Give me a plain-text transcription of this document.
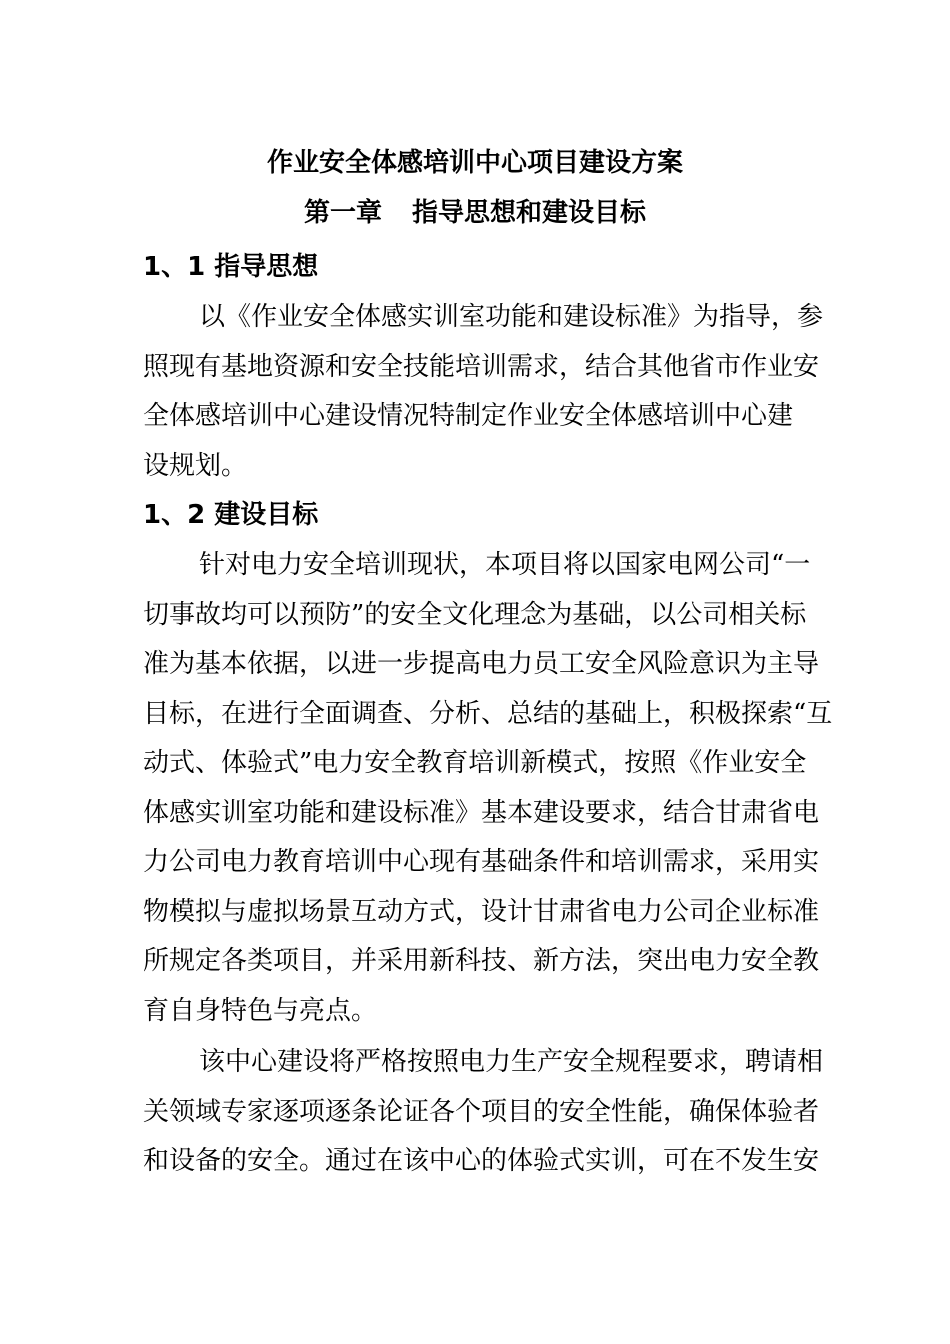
作业安全体感培训中心项目建设方案
第一章 指导思想和建设目标
1、1 指导思想
以《作业安全体感实训室功能和建设标准》为指导，参
照现有基地资源和安全技能培训需求，结合其他省市作业安
全体感培训中心建设情况特制定作业安全体感培训中心建
设规划。
1、2 建设目标
针对电力安全培训现状，本项目将以国家电网公司“一
切事故均可以预防”的安全文化理念为基础，以公司相关标
准为基本依据，以进一步提高电力员工安全风险意识为主导
目标，在进行全面调查、分析、总结的基础上，积极探索“互
动式、体验式”电力安全教育培训新模式，按照《作业安全
体感实训室功能和建设标准》基本建设要求，结合甘肃省电
力公司电力教育培训中心现有基础条件和培训需求，采用实
物模拟与虚拟场景互动方式，设计甘肃省电力公司企业标准
所规定各类项目，并采用新科技、新方法，突出电力安全教
育自身特色与亮点。
该中心建设将严格按照电力生产安全规程要求，聘请相
关领域专家逐项逐条论证各个项目的安全性能，确保体验者
和设备的安全。通过在该中心的体验式实训，可在不发生安
